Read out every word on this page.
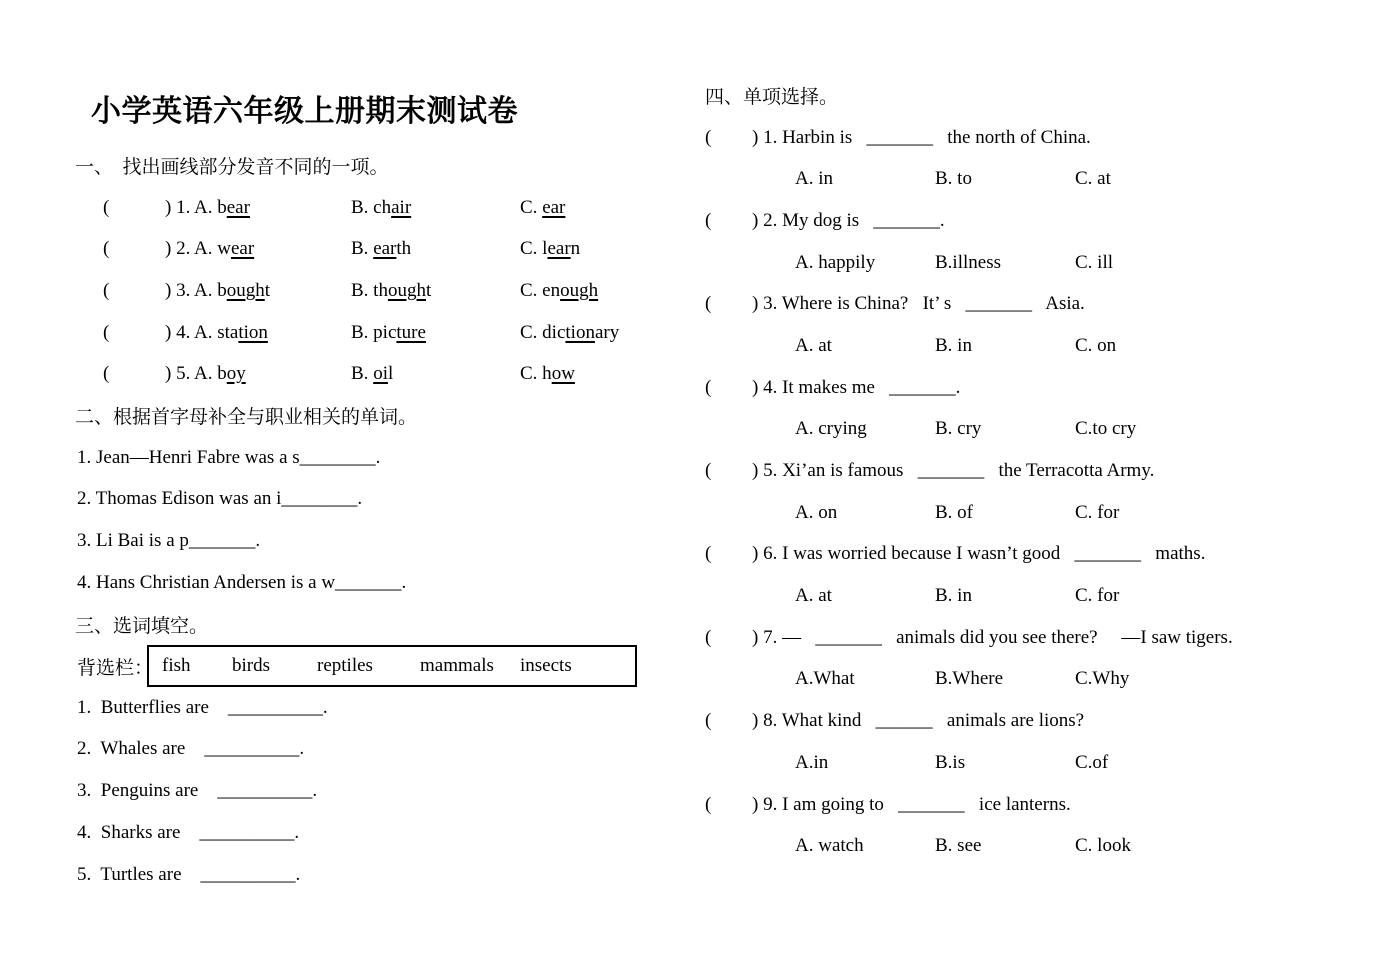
小学英语六年级上册期末测试卷
一、  找出画线部分发音不同的一项。
(	) 1. A. bear	B. chair	C. ear
(	) 2. A. wear	B. earth	C. learn
(	) 3. A. bought	B. thought	C. enough
(	) 4. A. station	B. picture	C. dictionary
(	) 5. A. boy	B. oil	C. how
二、根据首字母补全与职业相关的单词。
1. Jean—Henri Fabre was a s________.
2. Thomas Edison was an i________.
3. Li Bai is a p_______.
4. Hans Christian Andersen is a w_______.
三、选词填空。
背选栏： fish	birds	reptiles	mammals	insects
1.  Butterflies are    __________.
2.  Whales are    __________.
3.  Penguins are    __________.
4.  Sharks are    __________.
5.  Turtles are    __________.
四、单项选择。
(	) 1. Harbin is   _______   the north of China.
A. in	B. to	C. at
(	) 2. My dog is   _______.
A. happily	B.illness	C. ill
(	) 3. Where is China?   It’ s   _______   Asia.
A. at	B. in	C. on
(	) 4. It makes me   _______.
A. crying	B. cry	C.to cry
(	) 5. Xi’an is famous   _______   the Terracotta Army.
A. on	B. of	C. for
(	) 6. I was worried because I wasn’t good   _______   maths.
A. at	B. in	C. for
(	) 7. —   _______   animals did you see there?     —I saw tigers.
A.What	B.Where	C.Why
(	) 8. What kind   ______   animals are lions?
A.in	B.is	C.of
(	) 9. I am going to   _______   ice lanterns.
A. watch	B. see	C. look
